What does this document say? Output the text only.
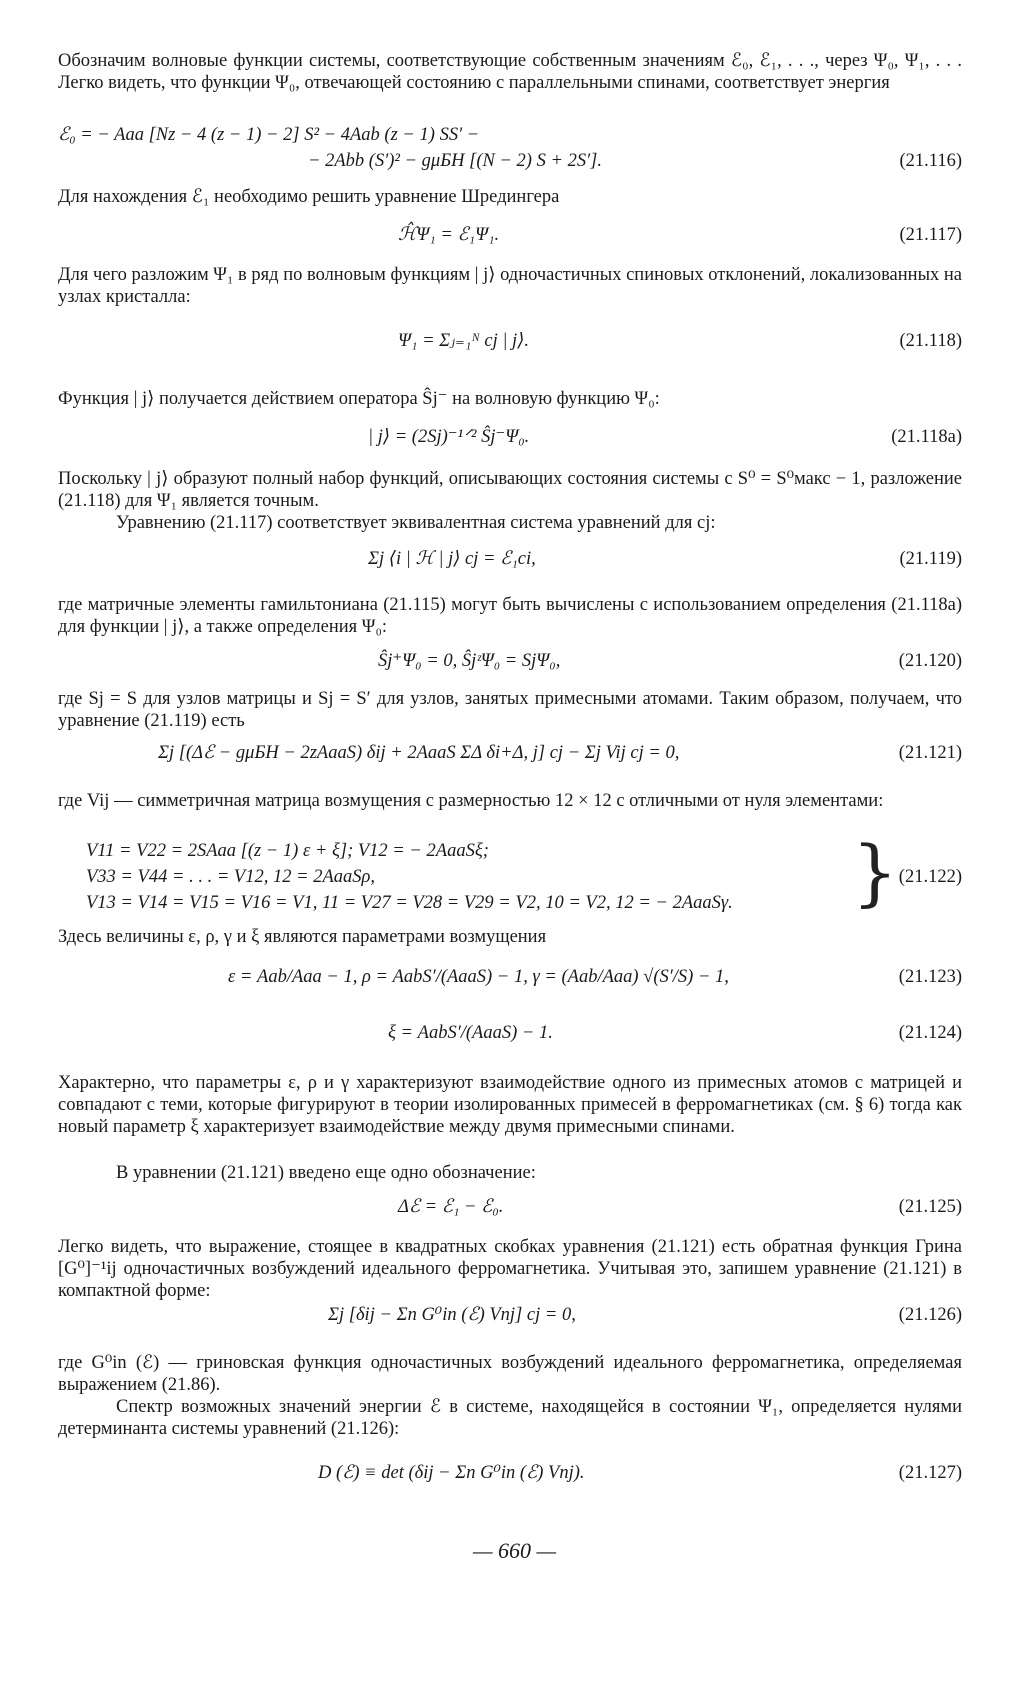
Обозначим волновые функции системы, соответствующие собственным значениям ℰ₀, ℰ₁, . . ., через Ψ₀, Ψ₁, . . . Легко видеть, что функции Ψ₀, отвечающей состоянию с параллельными спинами, соответствует энергия
ℰ₀ = − Aaa [Nz − 4 (z − 1) − 2] S² − 4Aab (z − 1) SS′ −
− 2Abb (S′)² − gμБH [(N − 2) S + 2S′].	(21.116)
Для нахождения ℰ₁ необходимо решить уравнение Шредингера
ℋ̂Ψ₁ = ℰ₁Ψ₁.	(21.117)
Для чего разложим Ψ₁ в ряд по волновым функциям | j⟩ одночастичных спиновых отклонений, локализованных на узлах кристалла:
Ψ₁ = Σⱼ₌₁ᴺ cj | j⟩.	(21.118)
Функция | j⟩ получается действием оператора Ŝj⁻ на волновую функцию Ψ₀:
| j⟩ = (2Sj)⁻¹ᐟ² Ŝj⁻Ψ₀.	(21.118а)
Поскольку | j⟩ образуют полный набор функций, описывающих состояния системы с S⁰ = S⁰макс − 1, разложение (21.118) для Ψ₁ является точным.
Уравнению (21.117) соответствует эквивалентная система уравнений для cj:
Σj ⟨i | ℋ | j⟩ cj = ℰ₁ci,	(21.119)
где матричные элементы гамильтониана (21.115) могут быть вычислены с использованием определения (21.118а) для функции | j⟩, а также определения Ψ₀:
Ŝj⁺Ψ₀ = 0, ŜjᶻΨ₀ = SjΨ₀,	(21.120)
где Sj = S для узлов матрицы и Sj = S′ для узлов, занятых примесными атомами. Таким образом, получаем, что уравнение (21.119) есть
Σj [(Δℰ − gμБH − 2zAaaS) δij + 2AaaS ΣΔ δi+Δ, j] cj − Σj Vij cj = 0,	(21.121)
где Vij — симметричная матрица возмущения с размерностью 12 × 12 с отличными от нуля элементами:
V11 = V22 = 2SAaa [(z − 1) ε + ξ]; V12 = − 2AaaSξ;
V33 = V44 = . . . = V12, 12 = 2AaaSρ,	(21.122)
V13 = V14 = V15 = V16 = V1, 11 = V27 = V28 = V29 = V2, 10 = V2, 12 = − 2AaaSγ. }
Здесь величины ε, ρ, γ и ξ являются параметрами возмущения
ε = Aab/Aaa − 1, ρ = AabS′/(AaaS) − 1, γ = (Aab/Aaa) √(S′/S) − 1,	(21.123)
ξ = AabS′/(AaaS) − 1.	(21.124)
Характерно, что параметры ε, ρ и γ характеризуют взаимодействие одного из примесных атомов с матрицей и совпадают с теми, которые фигурируют в теории изолированных примесей в ферромагнетиках (см. § 6) тогда как новый параметр ξ характеризует взаимодействие между двумя примесными спинами.
В уравнении (21.121) введено еще одно обозначение:
Δℰ = ℰ₁ − ℰ₀.	(21.125)
Легко видеть, что выражение, стоящее в квадратных скобках уравнения (21.121) есть обратная функция Грина [G⁰]⁻¹ij одночастичных возбуждений идеального ферромагнетика. Учитывая это, запишем уравнение (21.121) в компактной форме:
Σj [δij − Σn G⁰in (ℰ) Vnj] cj = 0,	(21.126)
где G⁰in (ℰ) — гриновская функция одночастичных возбуждений идеального ферромагнетика, определяемая выражением (21.86).
Спектр возможных значений энергии ℰ в системе, находящейся в состоянии Ψ₁, определяется нулями детерминанта системы уравнений (21.126):
D (ℰ) ≡ det (δij − Σn G⁰in (ℰ) Vnj).	(21.127)
— 660 —
